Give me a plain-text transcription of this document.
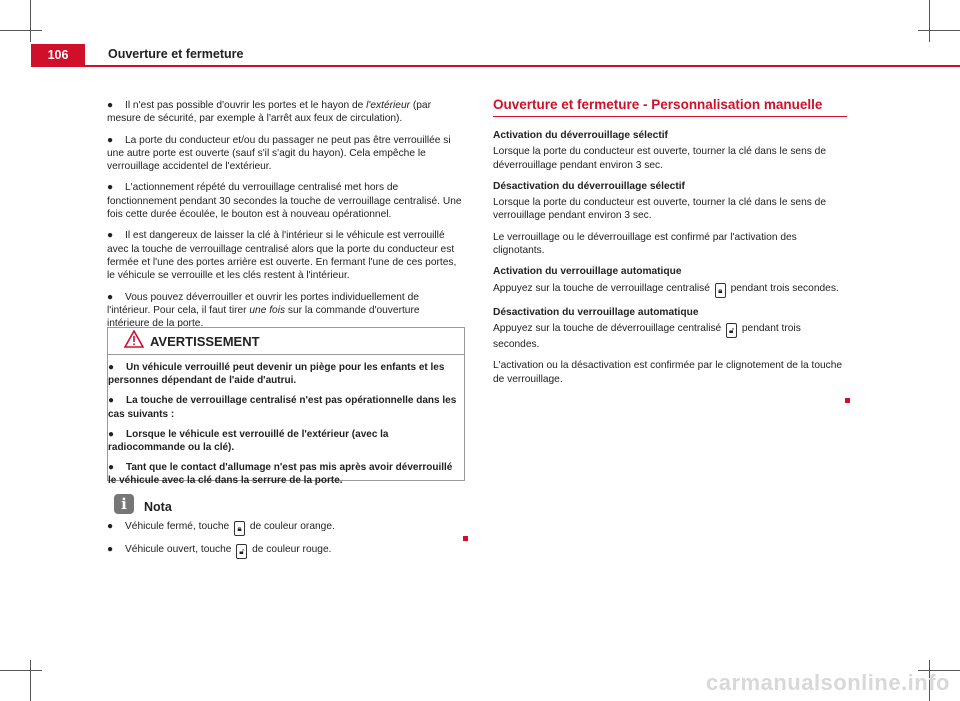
106	Ouverture et fermeture
● Il n'est pas possible d'ouvrir les portes et le hayon de l'extérieur (par mesure de sécurité, par exemple à l'arrêt aux feux de circulation).
● La porte du conducteur et/ou du passager ne peut pas être verrouillée si une autre porte est ouverte (sauf s'il s'agit du hayon). Cela empêche le verrouillage accidentel de l'extérieur.
● L'actionnement répété du verrouillage centralisé met hors de fonctionnement pendant 30 secondes la touche de verrouillage centralisé. Une fois cette durée écoulée, le bouton est à nouveau opérationnel.
● Il est dangereux de laisser la clé à l'intérieur si le véhicule est verrouillé avec la touche de verrouillage centralisé alors que la porte du conducteur est fermée et l'une des portes arrière est ouverte. En fermant l'une de ces portes, le véhicule se verrouille et les clés restent à l'intérieur.
● Vous pouvez déverrouiller et ouvrir les portes individuellement de l'intérieur. Pour cela, il faut tirer une fois sur la commande d'ouverture intérieure de la porte.
AVERTISSEMENT
● Un véhicule verrouillé peut devenir un piège pour les enfants et les personnes dépendant de l'aide d'autrui.
● La touche de verrouillage centralisé n'est pas opérationnelle dans les cas suivants :
● Lorsque le véhicule est verrouillé de l'extérieur (avec la radiocommande ou la clé).
● Tant que le contact d'allumage n'est pas mis après avoir déverrouillé le véhicule avec la clé dans la serrure de la porte.
i	Nota
● Véhicule fermé, touche 🔒︎ de couleur orange.
● Véhicule ouvert, touche 🔓︎ de couleur rouge.
Ouverture et fermeture - Personnalisation manuelle
Activation du déverrouillage sélectif

Lorsque la porte du conducteur est ouverte, tourner la clé dans le sens de déverrouillage pendant environ 3 sec.

Désactivation du déverrouillage sélectif

Lorsque la porte du conducteur est ouverte, tourner la clé dans le sens de verrouillage pendant environ 3 sec.

Le verrouillage ou le déverrouillage est confirmé par l'activation des clignotants.

Activation du verrouillage automatique

Appuyez sur la touche de verrouillage centralisé 🔒︎ pendant trois secondes.

Désactivation du verrouillage automatique

Appuyez sur la touche de déverrouillage centralisé 🔓︎ pendant trois secondes.

L'activation ou la désactivation est confirmée par le clignotement de la touche de verrouillage.

carmanualsonline.info
